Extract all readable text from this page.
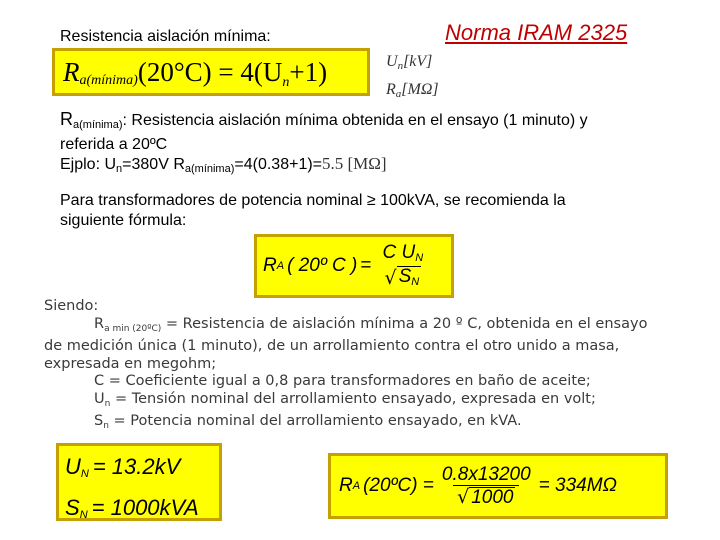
Resistencia aislación mínima:	Norma IRAM 2325
Ra(mínima)(20°C) = 4(Un+1)	$U_n[kV]$
$R_a[M\Omega]$
$R_{a(mínima)}$: Resistencia aislación mínima obtenida en el ensayo (1 minuto) y
referida a 20ºC
Ejplo: $U_n=380V$ $R_{a(mínima)}=4(0.38+1)=5.5$ [MΩ]
Para transformadores de potencia nominal ≥ 100kVA, se recomienda la
siguiente fórmula:
R A ( 20º C ) =
C $U_N$
√ $S_N$
Siendo:
$R_{a min (20ºC)}$ = Resistencia de aislación mínima a 20 º C, obtenida en el ensayo
de medición única (1 minuto), de un arrollamiento contra el otro unido a masa,
expresada en megohm;
C = Coeficiente igual a 0,8 para transformadores en baño de aceite;
$U_n$ = Tensión nominal del arrollamiento ensayado, expresada en volt;
$S_n$ = Potencia nominal del arrollamiento ensayado, en kVA.
$U_N = 13.2kV$
$S_N = 1000kVA$
R A (20ºC) = $\frac{0.8x13200}{√ 1000} = 334M\Omega$
